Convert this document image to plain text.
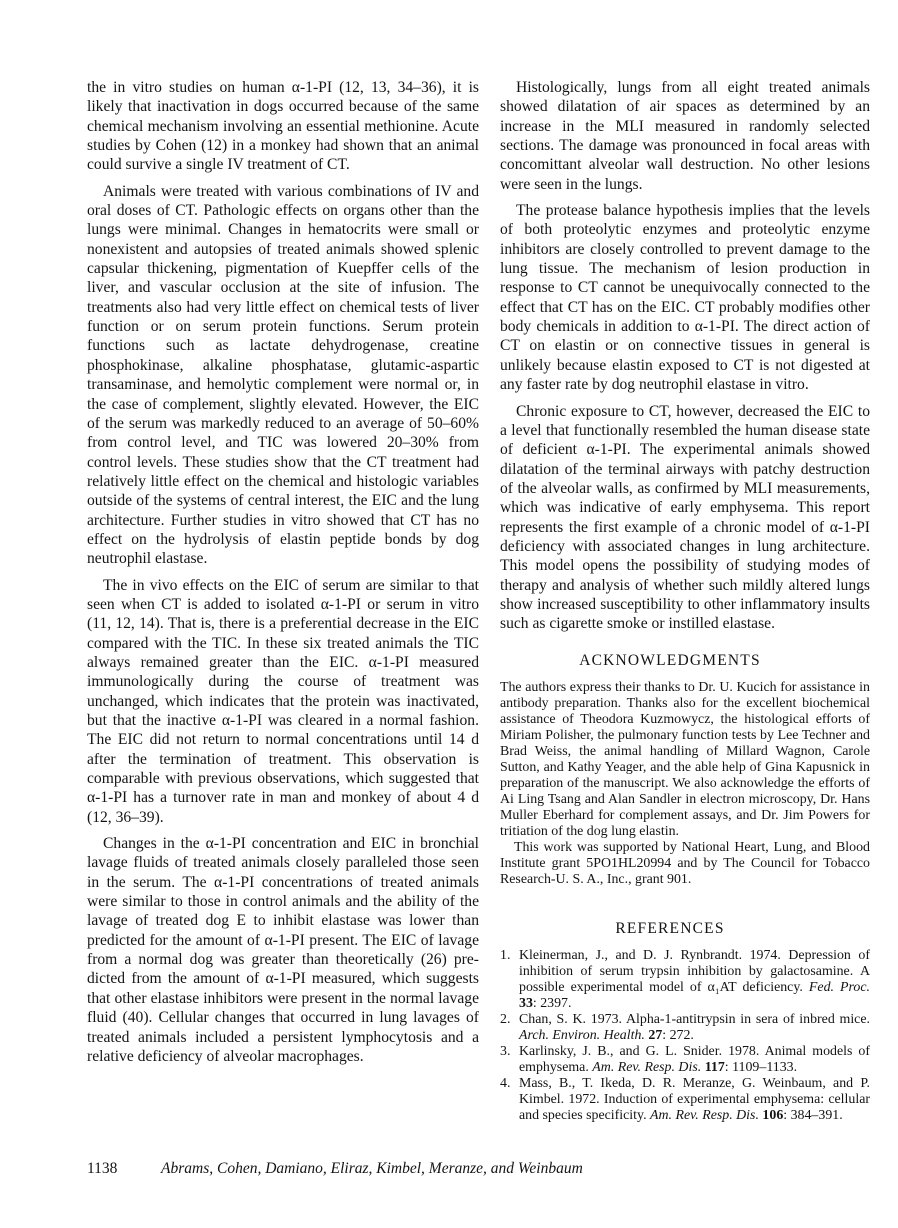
the in vitro studies on human α-1-PI (12, 13, 34–36), it is likely that inactivation in dogs occurred because of the same chemical mechanism involving an essential methionine. Acute studies by Cohen (12) in a monkey had shown that an animal could survive a single IV treatment of CT.

Animals were treated with various combinations of IV and oral doses of CT. Pathologic effects on organs other than the lungs were minimal. Changes in hematocrits were small or nonexistent and autopsies of treated animals showed splenic capsular thickening, pigmentation of Kuepffer cells of the liver, and vascular occlusion at the site of infusion. The treatments also had very little effect on chemical tests of liver function or on serum protein functions. Serum protein functions such as lactate dehydrogenase, creatine phosphokinase, alkaline phosphatase, glutamic-aspartic transaminase, and hemolytic complement were normal or, in the case of complement, slightly elevated. However, the EIC of the serum was markedly reduced to an average of 50–60% from control level, and TIC was lowered 20–30% from control levels. These studies show that the CT treatment had relatively little effect on the chemical and histologic variables outside of the systems of central interest, the EIC and the lung architecture. Further studies in vitro showed that CT has no effect on the hydrolysis of elastin peptide bonds by dog neutrophil elastase.

The in vivo effects on the EIC of serum are similar to that seen when CT is added to isolated α-1-PI or serum in vitro (11, 12, 14). That is, there is a preferential decrease in the EIC compared with the TIC. In these six treated animals the TIC always remained greater than the EIC. α-1-PI measured immunologically during the course of treatment was unchanged, which indicates that the protein was inactivated, but that the inactive α-1-PI was cleared in a normal fashion. The EIC did not return to normal concentrations until 14 d after the termination of treatment. This observation is comparable with previous observations, which suggested that α-1-PI has a turnover rate in man and monkey of about 4 d (12, 36–39).

Changes in the α-1-PI concentration and EIC in bronchial lavage fluids of treated animals closely paralleled those seen in the serum. The α-1-PI concentrations of treated animals were similar to those in control animals and the ability of the lavage of treated dog E to inhibit elastase was lower than predicted for the amount of α-1-PI present. The EIC of lavage from a normal dog was greater than theoretically (26) predicted from the amount of α-1-PI measured, which suggests that other elastase inhibitors were present in the normal lavage fluid (40). Cellular changes that occurred in lung lavages of treated animals included a persistent lymphocytosis and a relative deficiency of alveolar macrophages.

Histologically, lungs from all eight treated animals showed dilatation of air spaces as determined by an increase in the MLI measured in randomly selected sections. The damage was pronounced in focal areas with concomittant alveolar wall destruction. No other lesions were seen in the lungs.

The protease balance hypothesis implies that the levels of both proteolytic enzymes and proteolytic enzyme inhibitors are closely controlled to prevent damage to the lung tissue. The mechanism of lesion production in response to CT cannot be unequivocally connected to the effect that CT has on the EIC. CT probably modifies other body chemicals in addition to α-1-PI. The direct action of CT on elastin or on connective tissues in general is unlikely because elastin exposed to CT is not digested at any faster rate by dog neutrophil elastase in vitro.

Chronic exposure to CT, however, decreased the EIC to a level that functionally resembled the human disease state of deficient α-1-PI. The experimental animals showed dilatation of the terminal airways with patchy destruction of the alveolar walls, as confirmed by MLI measurements, which was indicative of early emphysema. This report represents the first example of a chronic model of α-1-PI deficiency with associated changes in lung architecture. This model opens the possibility of studying modes of therapy and analysis of whether such mildly altered lungs show increased susceptibility to other inflammatory insults such as cigarette smoke or instilled elastase.

ACKNOWLEDGMENTS

The authors express their thanks to Dr. U. Kucich for assistance in antibody preparation. Thanks also for the excellent biochemical assistance of Theodora Kuzmowycz, the histological efforts of Miriam Polisher, the pulmonary function tests by Lee Techner and Brad Weiss, the animal handling of Millard Wagnon, Carole Sutton, and Kathy Yeager, and the able help of Gina Kapusnick in preparation of the manuscript. We also acknowledge the efforts of Ai Ling Tsang and Alan Sandler in electron microscopy, Dr. Hans Muller Eberhard for complement assays, and Dr. Jim Powers for tritiation of the dog lung elastin.

This work was supported by National Heart, Lung, and Blood Institute grant 5PO1HL20994 and by The Council for Tobacco Research-U. S. A., Inc., grant 901.

REFERENCES
1. Kleinerman, J., and D. J. Rynbrandt. 1974. Depression of inhibition of serum trypsin inhibition by galactosamine. A possible experimental model of α₁AT deficiency. Fed. Proc. 33: 2397.
2. Chan, S. K. 1973. Alpha-1-antitrypsin in sera of inbred mice. Arch. Environ. Health. 27: 272.
3. Karlinsky, J. B., and G. L. Snider. 1978. Animal models of emphysema. Am. Rev. Resp. Dis. 117: 1109–1133.
4. Mass, B., T. Ikeda, D. R. Meranze, G. Weinbaum, and P. Kimbel. 1972. Induction of experimental emphysema: cellular and species specificity. Am. Rev. Resp. Dis. 106: 384–391.
1138	Abrams, Cohen, Damiano, Eliraz, Kimbel, Meranze, and Weinbaum
